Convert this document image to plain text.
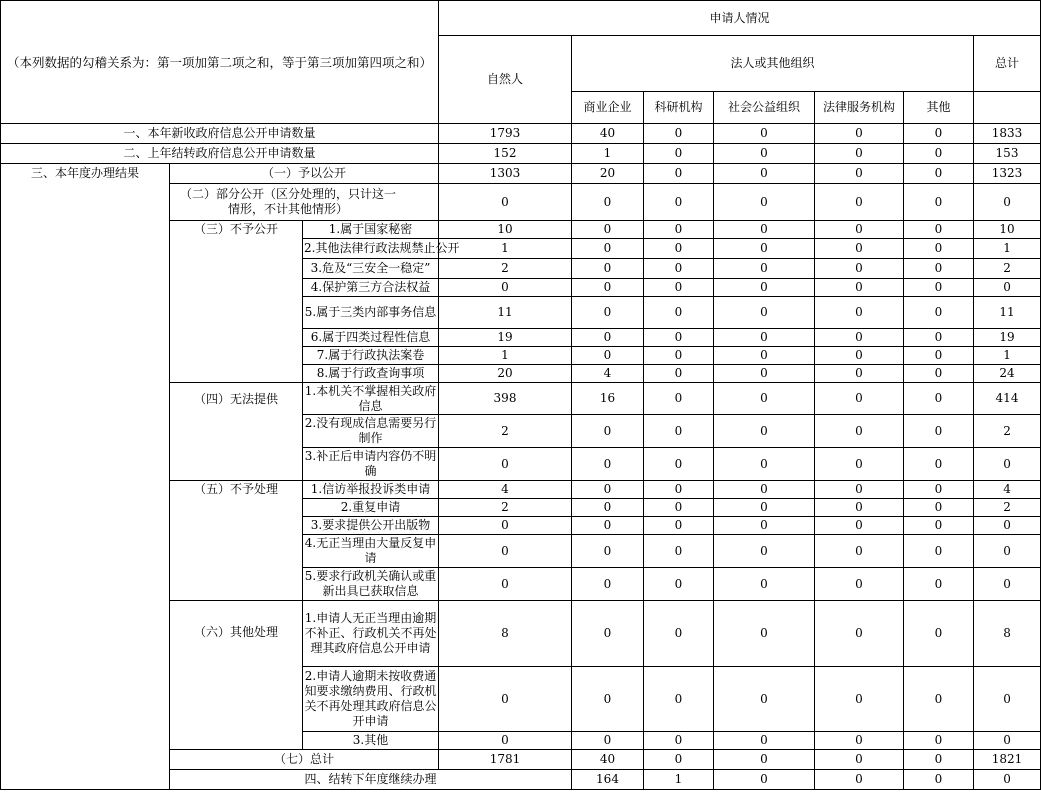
（本列数据的勾稽关系为：第一项加第二项之和，等于第三项加第四项之和）			申请人情况							
			自然人	法人或其他组织					总计	
				商业企业	科研机构	社会公益组织	法律服务机构	其他		
一、本年新收政府信息公开申请数量			1793	40	0	0	0	0	1833	
二、上年结转政府信息公开申请数量			152	1	0	0	0	0	153	

三、本年度办理结果	（一）予以公开		1303	20	0	0	0	0	1323	
	（二）部分公开（区分处理的，只计这一情形，不计其他情形）		0	0	0	0	0	0	0	

	（三）不予公开	1.属于国家秘密	10	0	0	0	0	0	10	
		2.其他法律行政法规禁止公开	1	0	0	0	0	0	1	
		3.危及“三安全一稳定”	2	0	0	0	0	0	2	
		4.保护第三方合法权益	0	0	0	0	0	0	0	
		5.属于三类内部事务信息	11	0	0	0	0	0	11	
		6.属于四类过程性信息	19	0	0	0	0	0	19	
		7.属于行政执法案卷	1	0	0	0	0	0	1	
		8.属于行政查询事项	20	4	0	0	0	0	24	

	（四）无法提供	1.本机关不掌握相关政府信息	398	16	0	0	0	0	414	
		2.没有现成信息需要另行制作	2	0	0	0	0	0	2	
		3.补正后申请内容仍不明确	0	0	0	0	0	0	0	

	（五）不予处理	1.信访举报投诉类申请	4	0	0	0	0	0	4	
		2.重复申请	2	0	0	0	0	0	2	
		3.要求提供公开出版物	0	0	0	0	0	0	0	
		4.无正当理由大量反复申请	0	0	0	0	0	0	0	
		5.要求行政机关确认或重新出具已获取信息	0	0	0	0	0	0	0	

	（六）其他处理	1.申请人无正当理由逾期不补正、行政机关不再处理其政府信息公开申请	8	0	0	0	0	0	8	
		2.申请人逾期未按收费通知要求缴纳费用、行政机关不再处理其政府信息公开申请	0	0	0	0	0	0	0	
		3.其他	0	0	0	0	0	0	0	
	（七）总计		1781	40	0	0	0	0	1821	
	四、结转下年度继续办理			164	1	0	0	0	0	
